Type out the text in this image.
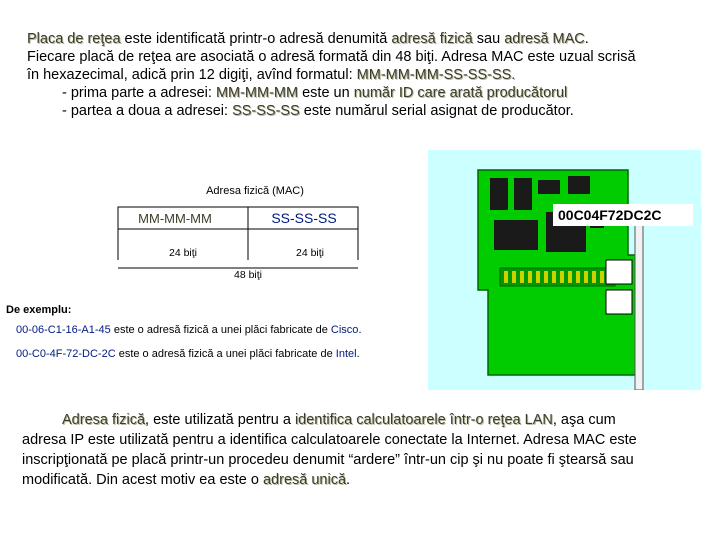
Placa de reţea este identificată printr-o adresă denumită adresă fizică sau adresă MAC.
Fiecare placă de reţea are asociată o adresă formată din 48 biţi. Adresa MAC este uzual scrisă
în hexazecimal, adică prin 12 digiţi, avînd formatul: MM-MM-MM-SS-SS-SS.
- prima parte a adresei: MM-MM-MM este un număr ID care arată producătorul
- partea a doua a adresei: SS-SS-SS este numărul serial asignat de producător.
Adresa fizică (MAC)
MM-MM-MM	SS-SS-SS
24 biţi	24 biţi
48 biţi
De exemplu:
00-06-C1-16-A1-45 este o adresă fizică a unei plăci fabricate de Cisco.
00-C0-4F-72-DC-2C este o adresă fizică a unei plăci fabricate de Intel.
00C04F72DC2C
Adresa fizică, este utilizată pentru a identifica calculatoarele într-o reţea LAN, aşa cum
adresa IP este utilizată pentru a identifica calculatoarele conectate la Internet. Adresa MAC este
inscripţionată pe placă printr-un procedeu denumit “ardere” într-un cip şi nu poate fi ştearsă sau
modificată. Din acest motiv ea este o adresă unică.
